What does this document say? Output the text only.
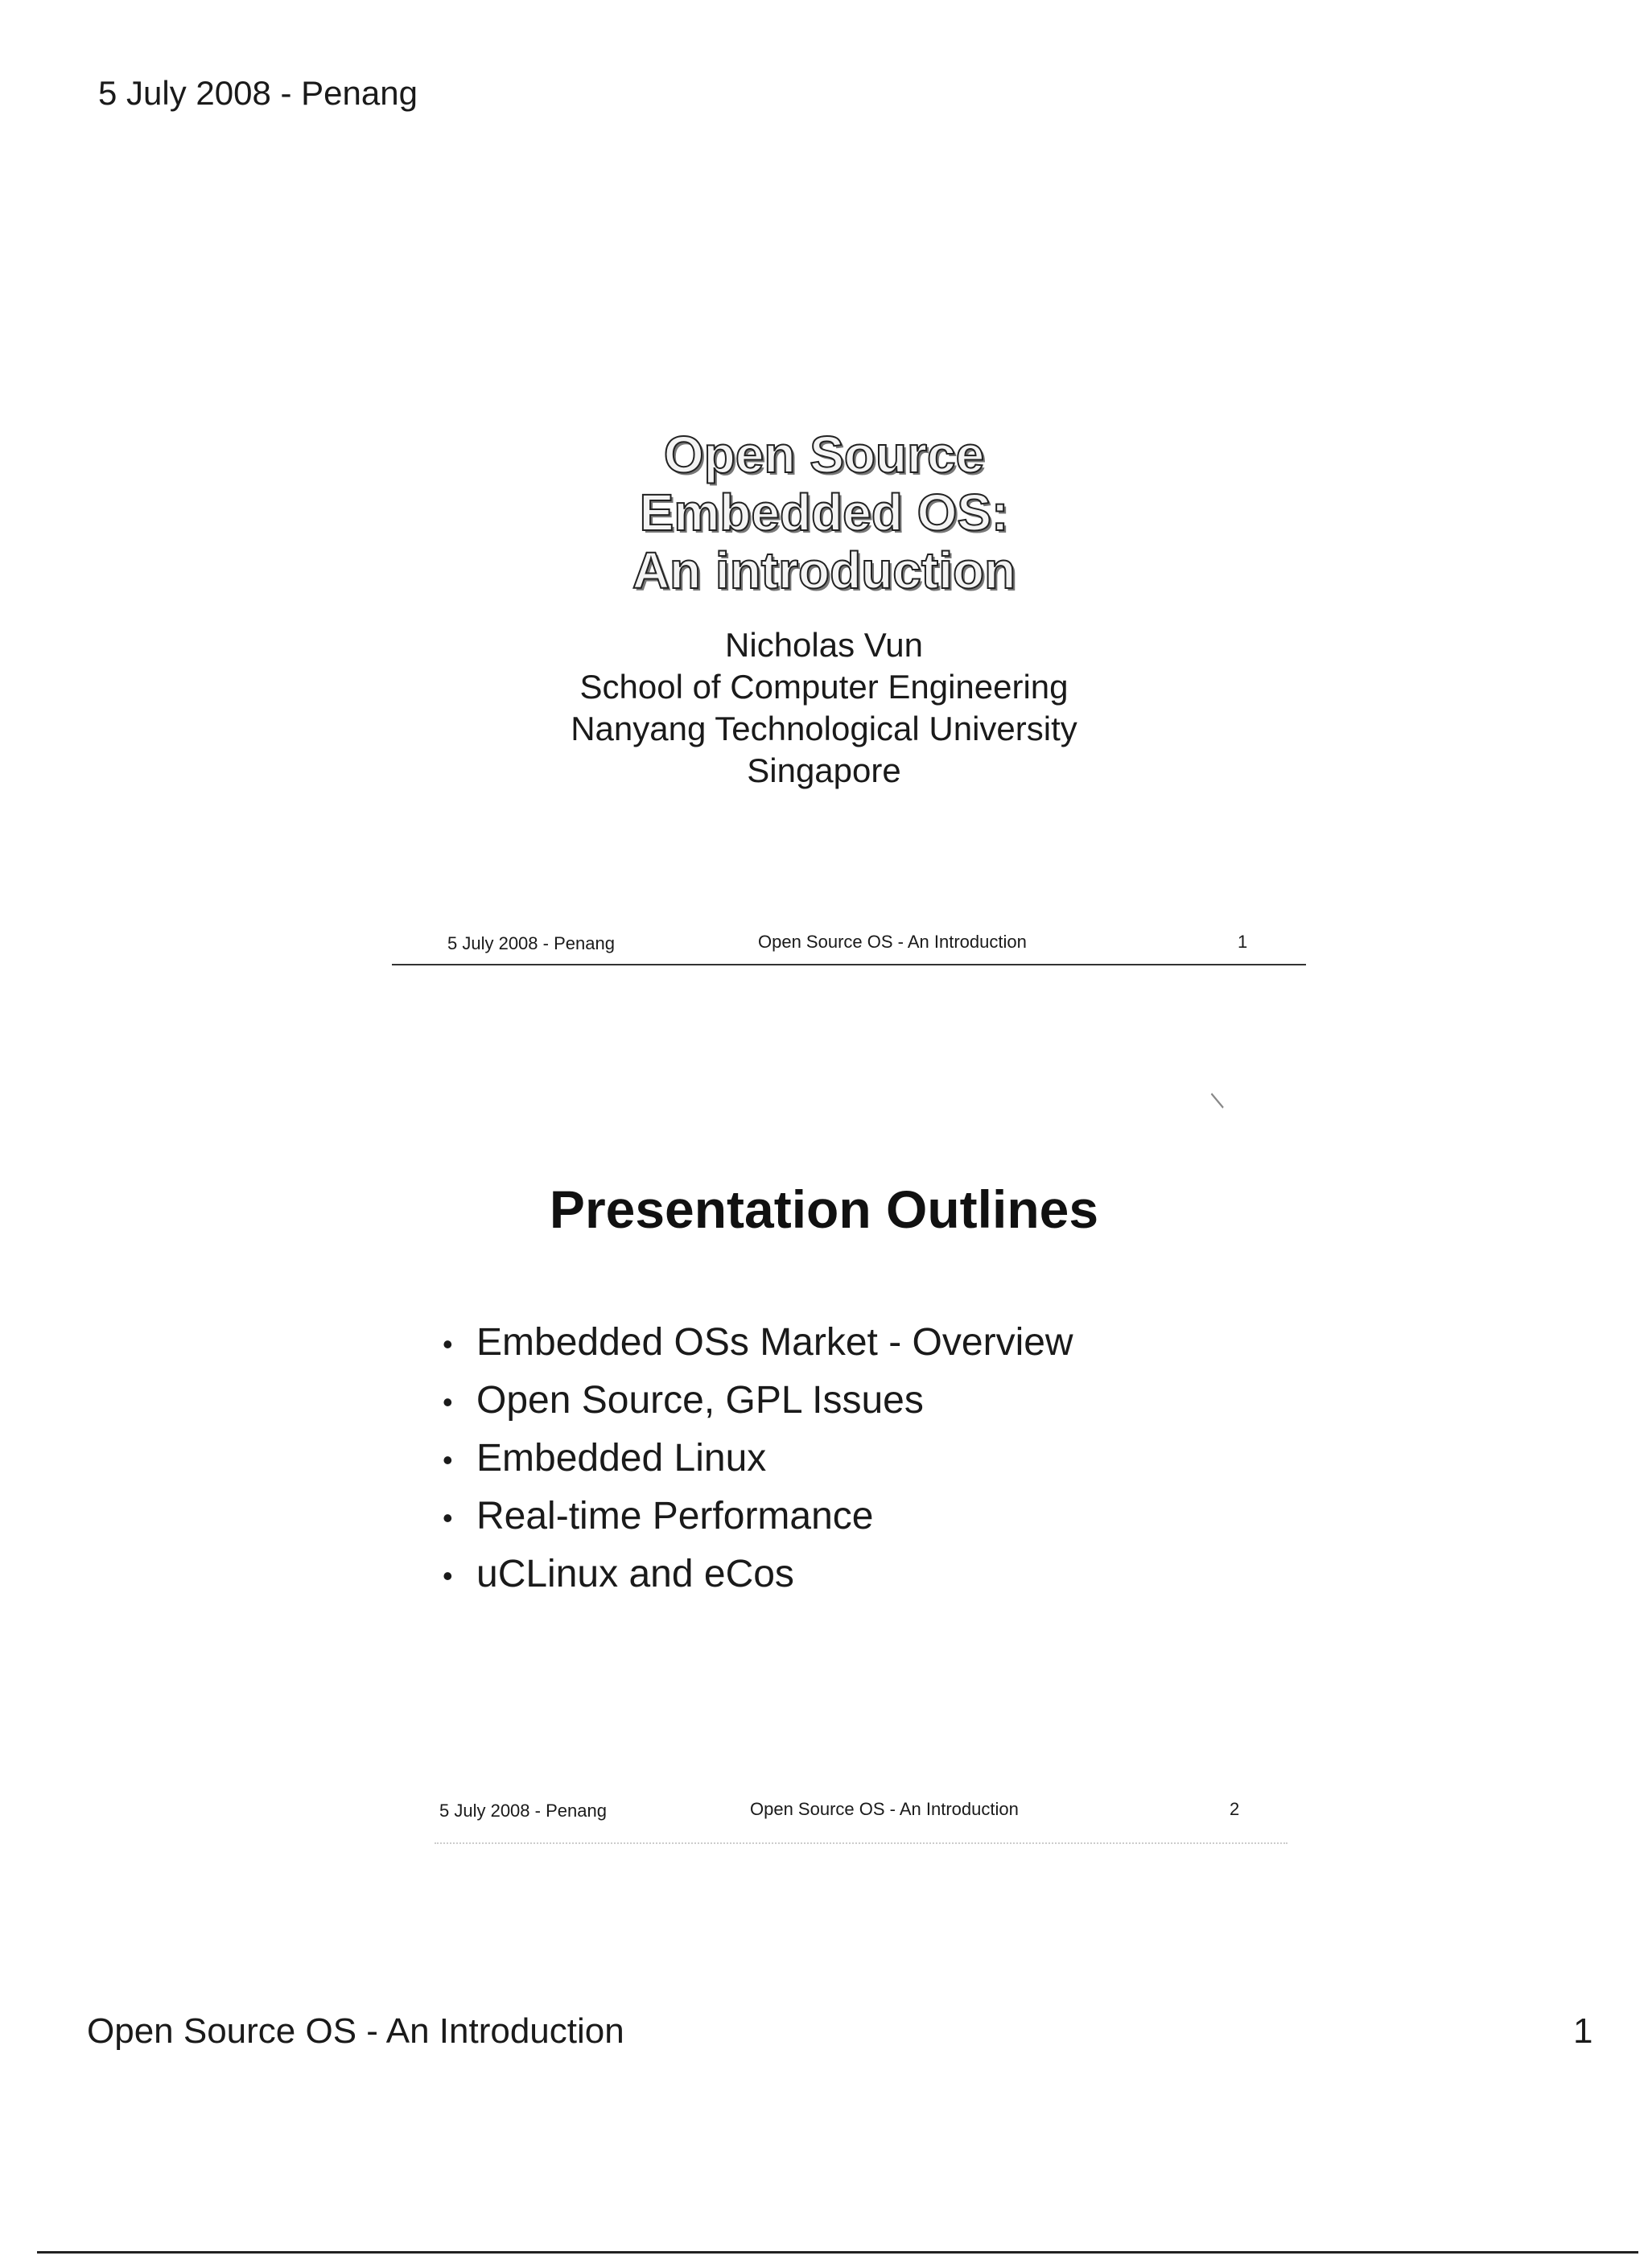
5 July 2008 - Penang
Open Source
Embedded OS:
An introduction
Nicholas Vun
School of Computer Engineering
Nanyang Technological University
Singapore
5 July 2008 - Penang	Open Source OS - An Introduction	1
/
Presentation Outlines
• Embedded OSs Market - Overview
• Open Source, GPL Issues
• Embedded Linux
• Real-time Performance
• uCLinux and eCos
5 July 2008 - Penang	Open Source OS - An Introduction	2
Open Source OS - An Introduction	1
